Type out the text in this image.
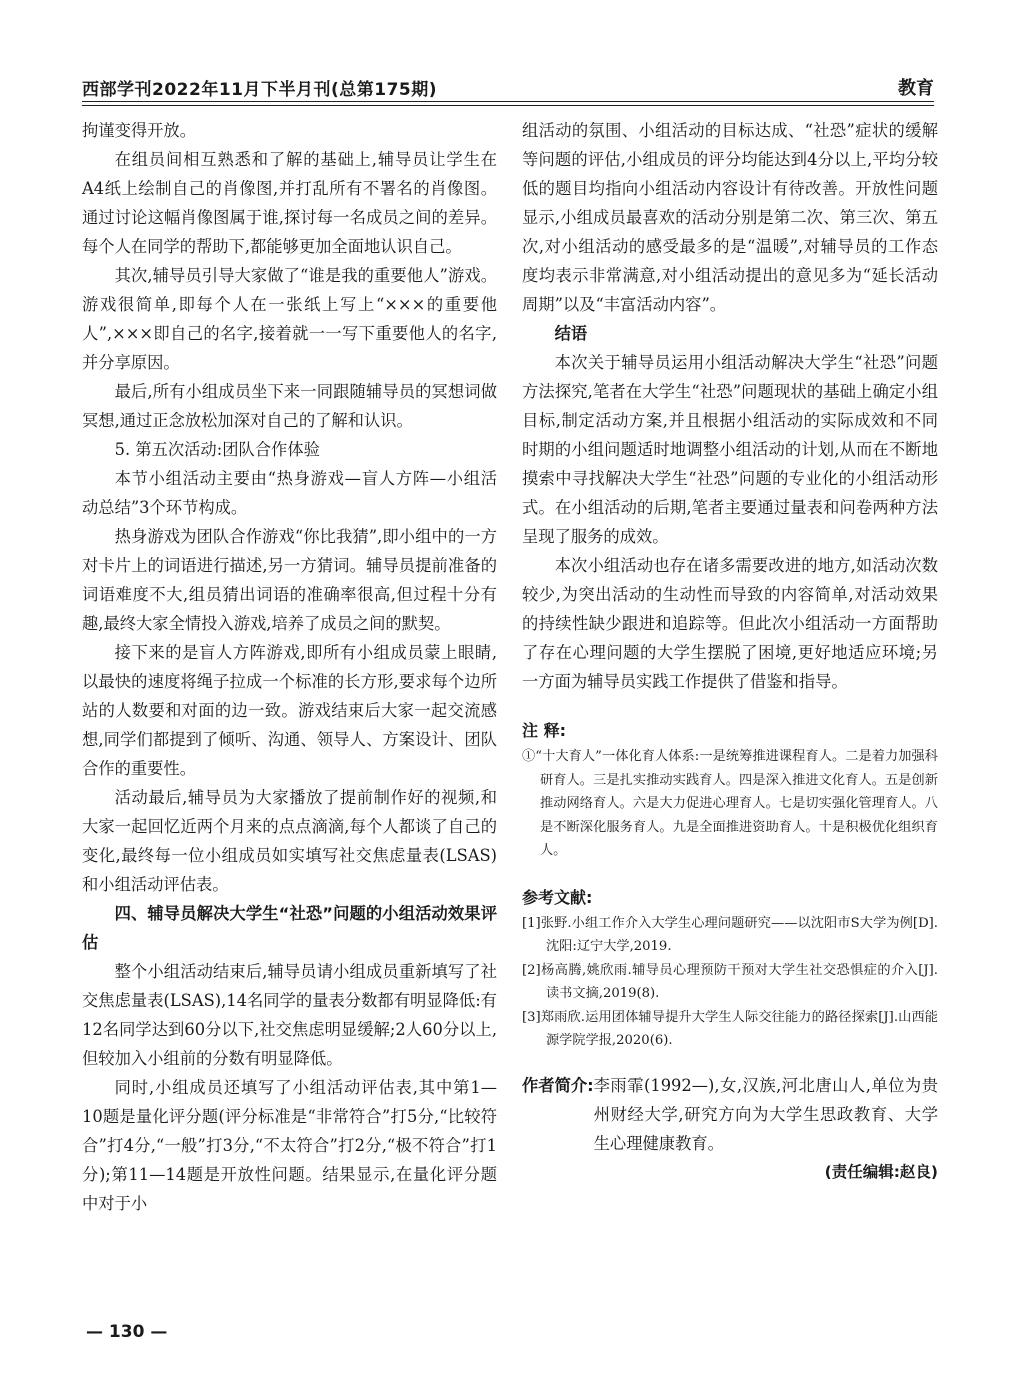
西部学刊2022年11月下半月刊(总第175期)	教育

拘谨变得开放。

在组员间相互熟悉和了解的基础上,辅导员让学生在A4纸上绘制自己的肖像图,并打乱所有不署名的肖像图。通过讨论这幅肖像图属于谁,探讨每一名成员之间的差异。每个人在同学的帮助下,都能够更加全面地认识自己。

其次,辅导员引导大家做了“谁是我的重要他人”游戏。游戏很简单,即每个人在一张纸上写上“×××的重要他人”,×××即自己的名字,接着就一一写下重要他人的名字,并分享原因。

最后,所有小组成员坐下来一同跟随辅导员的冥想词做冥想,通过正念放松加深对自己的了解和认识。

5. 第五次活动:团队合作体验

本节小组活动主要由“热身游戏—盲人方阵—小组活动总结”3个环节构成。

热身游戏为团队合作游戏“你比我猜”,即小组中的一方对卡片上的词语进行描述,另一方猜词。辅导员提前准备的词语难度不大,组员猜出词语的准确率很高,但过程十分有趣,最终大家全情投入游戏,培养了成员之间的默契。

接下来的是盲人方阵游戏,即所有小组成员蒙上眼睛,以最快的速度将绳子拉成一个标准的长方形,要求每个边所站的人数要和对面的边一致。游戏结束后大家一起交流感想,同学们都提到了倾听、沟通、领导人、方案设计、团队合作的重要性。

活动最后,辅导员为大家播放了提前制作好的视频,和大家一起回忆近两个月来的点点滴滴,每个人都谈了自己的变化,最终每一位小组成员如实填写社交焦虑量表(LSAS)和小组活动评估表。

四、辅导员解决大学生“社恐”问题的小组活动效果评估

整个小组活动结束后,辅导员请小组成员重新填写了社交焦虑量表(LSAS),14名同学的量表分数都有明显降低:有12名同学达到60分以下,社交焦虑明显缓解;2人60分以上,但较加入小组前的分数有明显降低。

同时,小组成员还填写了小组活动评估表,其中第1—10题是量化评分题(评分标准是“非常符合”打5分,“比较符合”打4分,“一般”打3分,“不太符合”打2分,“极不符合”打1分);第11—14题是开放性问题。结果显示,在量化评分题中对于小

组活动的氛围、小组活动的目标达成、“社恐”症状的缓解等问题的评估,小组成员的评分均能达到4分以上,平均分较低的题目均指向小组活动内容设计有待改善。开放性问题显示,小组成员最喜欢的活动分别是第二次、第三次、第五次,对小组活动的感受最多的是“温暖”,对辅导员的工作态度均表示非常满意,对小组活动提出的意见多为“延长活动周期”以及“丰富活动内容”。

结语

本次关于辅导员运用小组活动解决大学生“社恐”问题方法探究,笔者在大学生“社恐”问题现状的基础上确定小组目标,制定活动方案,并且根据小组活动的实际成效和不同时期的小组问题适时地调整小组活动的计划,从而在不断地摸索中寻找解决大学生“社恐”问题的专业化的小组活动形式。在小组活动的后期,笔者主要通过量表和问卷两种方法呈现了服务的成效。

本次小组活动也存在诸多需要改进的地方,如活动次数较少,为突出活动的生动性而导致的内容简单,对活动效果的持续性缺少跟进和追踪等。但此次小组活动一方面帮助了存在心理问题的大学生摆脱了困境,更好地适应环境;另一方面为辅导员实践工作提供了借鉴和指导。

注 释:

①“十大育人”一体化育人体系:一是统筹推进课程育人。二是着力加强科研育人。三是扎实推动实践育人。四是深入推进文化育人。五是创新推动网络育人。六是大力促进心理育人。七是切实强化管理育人。八是不断深化服务育人。九是全面推进资助育人。十是积极优化组织育人。

参考文献:

[1]张野.小组工作介入大学生心理问题研究——以沈阳市S大学为例[D].沈阳:辽宁大学,2019.

[2]杨高腾,姚欣雨.辅导员心理预防干预对大学生社交恐惧症的介入[J].读书文摘,2019(8).

[3]郑雨欣.运用团体辅导提升大学生人际交往能力的路径探索[J].山西能源学院学报,2020(6).

作者简介: 李雨霏(1992—),女,汉族,河北唐山人,单位为贵州财经大学,研究方向为大学生思政教育、大学生心理健康教育。

(责任编辑:赵良)

— 130 —
